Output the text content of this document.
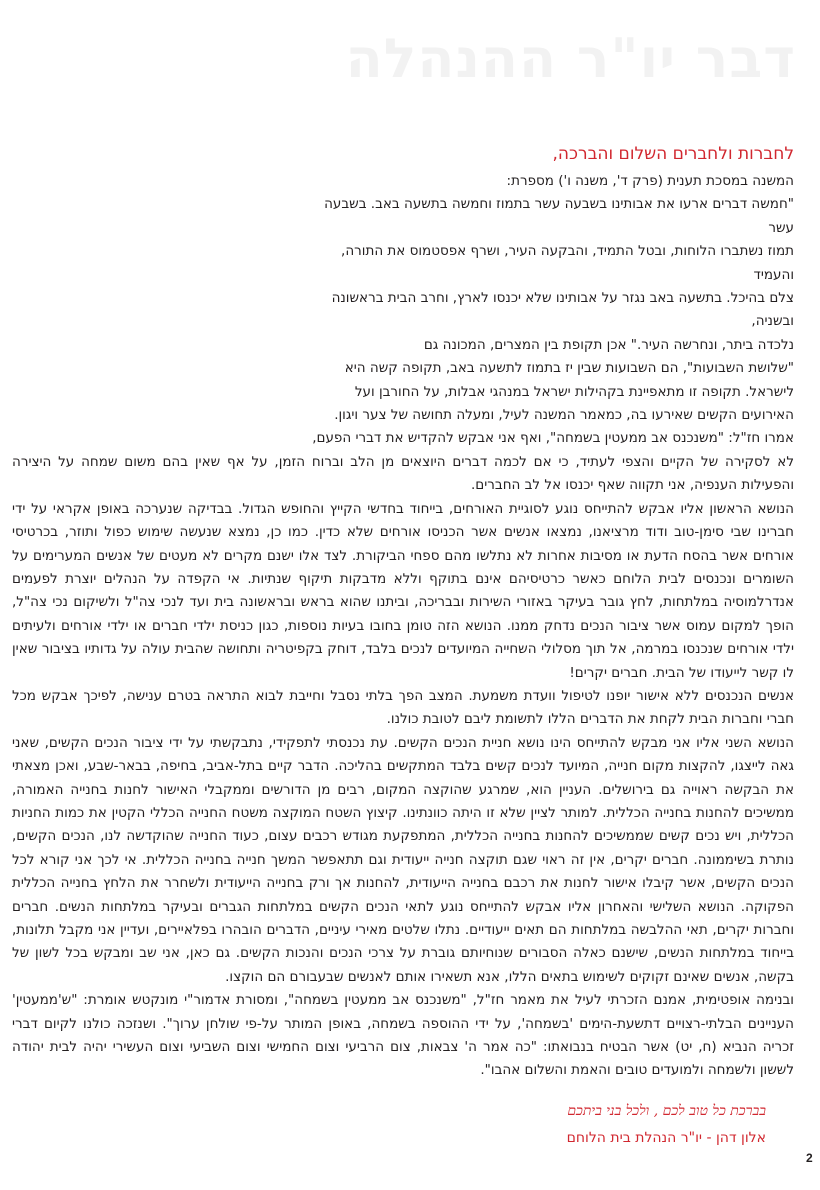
דבר יו"ר ההנהלה
לחברות ולחברים השלום והברכה,

המשנה במסכת תענית (פרק ד', משנה ו') מספרת:

"חמשה דברים ארעו את אבותינו בשבעה עשר בתמוז וחמשה בתשעה באב. בשבעה עשר

תמוז נשתברו הלוחות, ובטל התמיד, והבקעה העיר, ושרף אפסטמוס את התורה, והעמיד

צלם בהיכל. בתשעה באב נגזר על אבותינו שלא יכנסו לארץ, וחרב הבית בראשונה ובשניה,

נלכדה ביתר, ונחרשה העיר." אכן תקופת בין המצרים, המכונה גם

"שלושת השבועות", הם השבועות שבין יז בתמוז לתשעה באב, תקופה קשה היא

לישראל. תקופה זו מתאפיינת בקהילות ישראל במנהגי אבלות, על החורבן ועל

האירועים הקשים שאירעו בה, כמאמר המשנה לעיל, ומעלה תחושה של צער ויגון.

אמרו חז"ל: "משנכנס אב ממעטין בשמחה", ואף אני אבקש להקדיש את דברי הפעם,

לא לסקירה של הקיים והצפי לעתיד, כי אם לכמה דברים היוצאים מן הלב וברוח הזמן, על אף שאין בהם משום שמחה על היצירה והפעילות הענפיה, אני תקווה שאף יכנסו אל לב החברים.

הנושא הראשון אליו אבקש להתייחס נוגע לסוגיית האורחים, בייחוד בחדשי הקייץ והחופש הגדול. בבדיקה שנערכה באופן אקראי על ידי חברינו שבי סימן-טוב ודוד מרציאנו, נמצאו אנשים אשר הכניסו אורחים שלא כדין. כמו כן, נמצא שנעשה שימוש כפול ותוזר, בכרטיסי אורחים אשר בהסח הדעת או מסיבות אחרות לא נתלשו מהם ספחי הביקורת. לצד אלו ישנם מקרים לא מעטים של אנשים המערימים על השומרים ונכנסים לבית הלוחם כאשר כרטיסיהם אינם בתוקף וללא מדבקות תיקוף שנתיות. אי הקפדה על הנהלים יוצרת לפעמים אנדרלמוסיה במלתחות, לחץ גובר בעיקר באזורי השירות ובבריכה, וביתנו שהוא בראש ובראשונה בית ועד לנכי צה"ל ולשיקום נכי צה"ל, הופך למקום עמוס אשר ציבור הנכים נדחק ממנו. הנושא הזה טומן בחובו בעיות נוספות, כגון כניסת ילדי חברים או ילדי אורחים ולעיתים ילדי אורחים שנכנסו במרמה, אל תוך מסלולי השחייה המיועדים לנכים בלבד, דוחק בקפיטריה ותחושה שהבית עולה על גדותיו בציבור שאין לו קשר לייעודו של הבית. חברים יקרים!

אנשים הנכנסים ללא אישור יופנו לטיפול וועדת משמעת. המצב הפך בלתי נסבל וחייבת לבוא התראה בטרם ענישה, לפיכך אבקש מכל חברי וחברות הבית לקחת את הדברים הללו לתשומת ליבם לטובת כולנו.

הנושא השני אליו אני מבקש להתייחס הינו נושא חניית הנכים הקשים. עת נכנסתי לתפקידי, נתבקשתי על ידי ציבור הנכים הקשים, שאני גאה לייצגו, להקצות מקום חנייה, המיועד לנכים קשים בלבד המתקשים בהליכה. הדבר קיים בתל-אביב, בחיפה, בבאר-שבע, ואכן מצאתי את הבקשה ראוייה גם בירושלים. העניין הוא, שמרגע שהוקצה המקום, רבים מן הדורשים וממקבלי האישור לחנות בחנייה האמורה, ממשיכים להחנות בחנייה הכללית. למותר לציין שלא זו היתה כוונתינו. קיצוץ השטח המוקצה משטח החנייה הכללי הקטין את כמות החניות הכללית, ויש נכים קשים שממשיכים להחנות בחנייה הכללית, המתפקעת מגודש רכבים עצום, כעוד החנייה שהוקדשה לנו, הנכים הקשים, נותרת בשיממונה. חברים יקרים, אין זה ראוי שגם תוקצה חנייה ייעודית וגם תתאפשר המשך חנייה בחנייה הכללית. אי לכך אני קורא לכל הנכים הקשים, אשר קיבלו אישור לחנות את רכבם בחנייה הייעודית, להחנות אך ורק בחנייה הייעודית ולשחרר את הלחץ בחנייה הכללית הפקוקה. הנושא השלישי והאחרון אליו אבקש להתייחס נוגע לתאי הנכים הקשים במלתחות הגברים ובעיקר במלתחות הנשים. חברים וחברות יקרים, תאי ההלבשה במלתחות הם תאים ייעודיים. נתלו שלטים מאירי עיניים, הדברים הובהרו בפלאיירים, ועדיין אני מקבל תלונות, בייחוד במלתחות הנשים, שישנם כאלה הסבורים שנוחיותם גוברת על צרכי הנכים והנכות הקשים. גם כאן, אני שב ומבקש בכל לשון של בקשה, אנשים שאינם זקוקים לשימוש בתאים הללו, אנא תשאירו אותם לאנשים שבעבורם הם הוקצו.

ובנימה אופטימית, אמנם הזכרתי לעיל את מאמר חז"ל, "משנכנס אב ממעטין בשמחה", ומסורת אדמור"י מונקטש אומרת: "ש'ממעטין' העניינים הבלתי-רצויים דתשעת-הימים 'בשמחה', על ידי ההוספה בשמחה, באופן המותר על-פי שולחן ערוך". ושנזכה כולנו לקיום דברי זכריה הנביא (ח, יט) אשר הבטיח בנבואתו: "כה אמר ה' צבאות, צום הרביעי וצום החמישי וצום השביעי וצום העשירי יהיה לבית יהודה לששון ולשמחה ולמועדים טובים והאמת והשלום אהבו".

בברכת כל טוב לכם , ולכל בני ביתכם

אלון דהן - יו"ר הנהלת בית הלוחם

2
